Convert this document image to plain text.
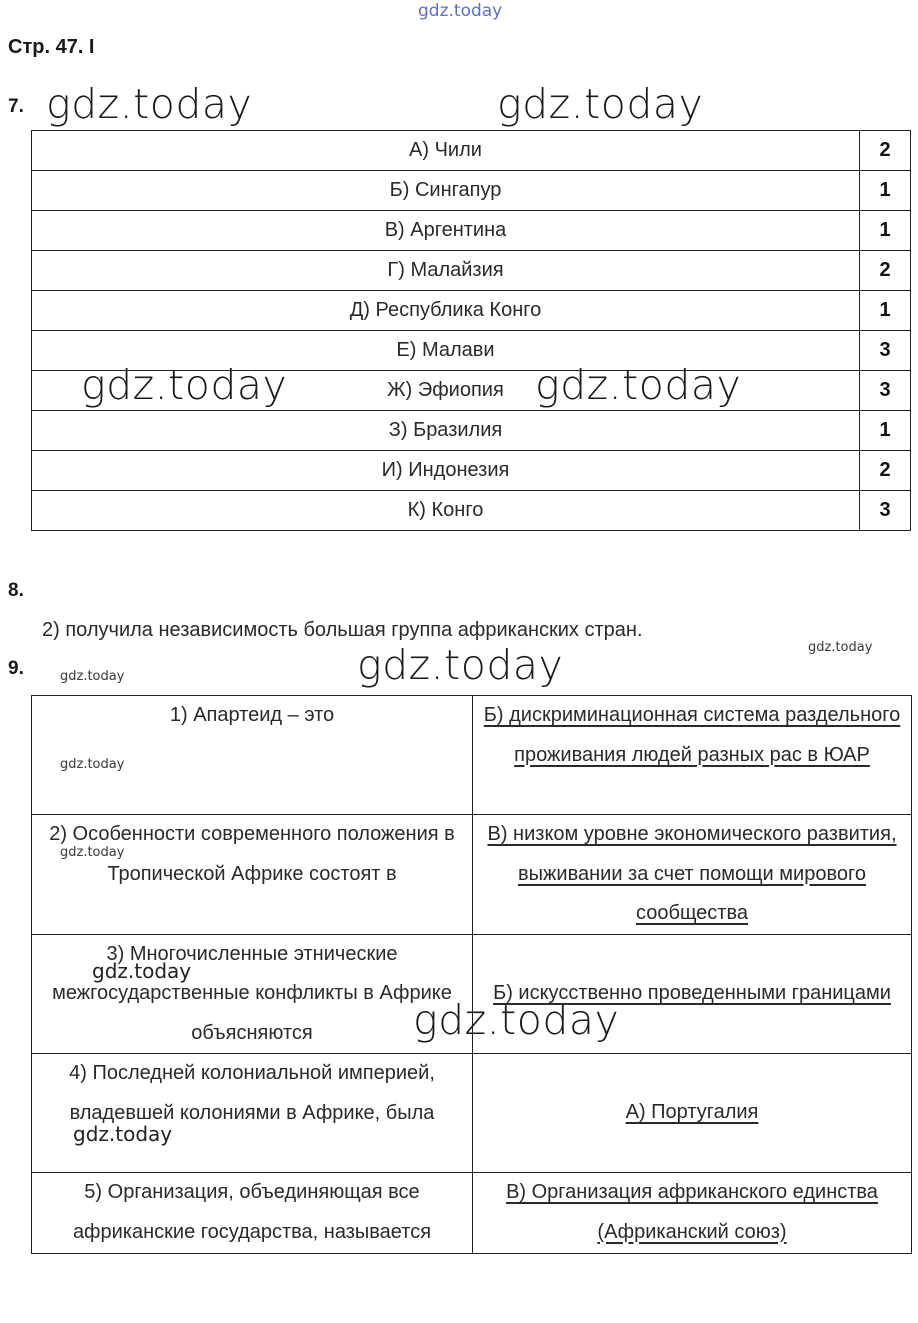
gdz.today
Стр. 47. I
7.
А) Чили	2
Б) Сингапур	1
В) Аргентина	1
Г) Малайзия	2
Д) Республика Конго	1
Е) Малави	3
Ж) Эфиопия	3
З) Бразилия	1
И) Индонезия	2
К) Конго	3
8.
2) получила независимость большая группа африканских стран.
9.
1) Апартеид – это	Б) дискриминационная система раздельного проживания людей разных рас в ЮАР
2) Особенности современного положения в Тропической Африке состоят в	В) низком уровне экономического развития, выживании за счет помощи мирового сообщества
3) Многочисленные этнические межгосударственные конфликты в Африке объясняются	Б) искусственно проведенными границами
4) Последней колониальной империей, владевшей колониями в Африке, была	А) Португалия
5) Организация, объединяющая все африканские государства, называется	В) Организация африканского единства (Африканский союз)
gdz.today	gdz.today
gdz.today	gdz.today
gdz.today
gdz.today
gdz.today
gdz.today
gdz.today
gdz.today
gdz.today
gdz.today
